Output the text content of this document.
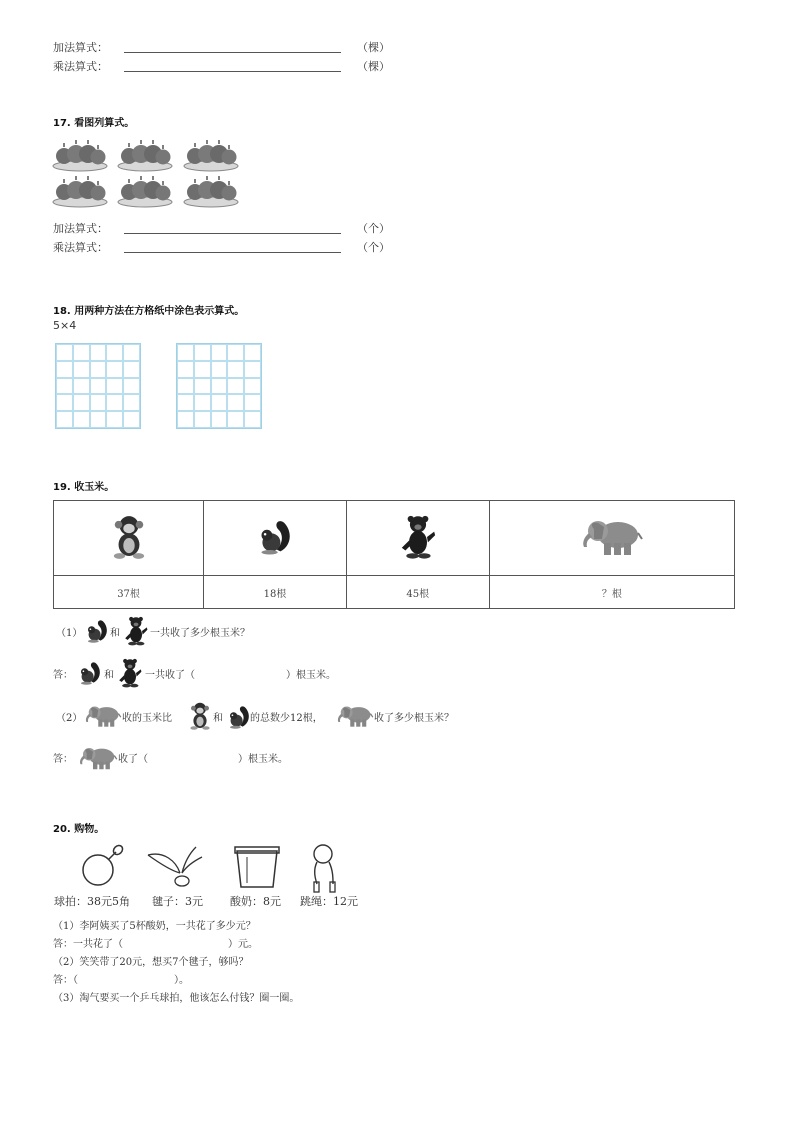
加法算式：	（棵）
乘法算式：	（棵）
17. 看图列算式。
加法算式：	（个）
乘法算式：	（个）
18. 用两种方法在方格纸中涂色表示算式。
5×4
19. 收玉米。

37根	18根	45根	？根
（1）	和	一共收了多少根玉米？
答：	和	一共收了（	）根玉米。
（2）	收的玉米比	和	的总数少12根，	收了多少根玉米？
答：	收了（	）根玉米。
20. 购物。
球拍：38元5角 毽子：3元 酸奶：8元 跳绳：12元
（1）李阿姨买了5杯酸奶，一共花了多少元？
答：一共花了（	）元。
（2）笑笑带了20元，想买7个毽子，够吗？
答：（	）。
（3）淘气要买一个乒乓球拍，他该怎么付钱？圈一圈。
